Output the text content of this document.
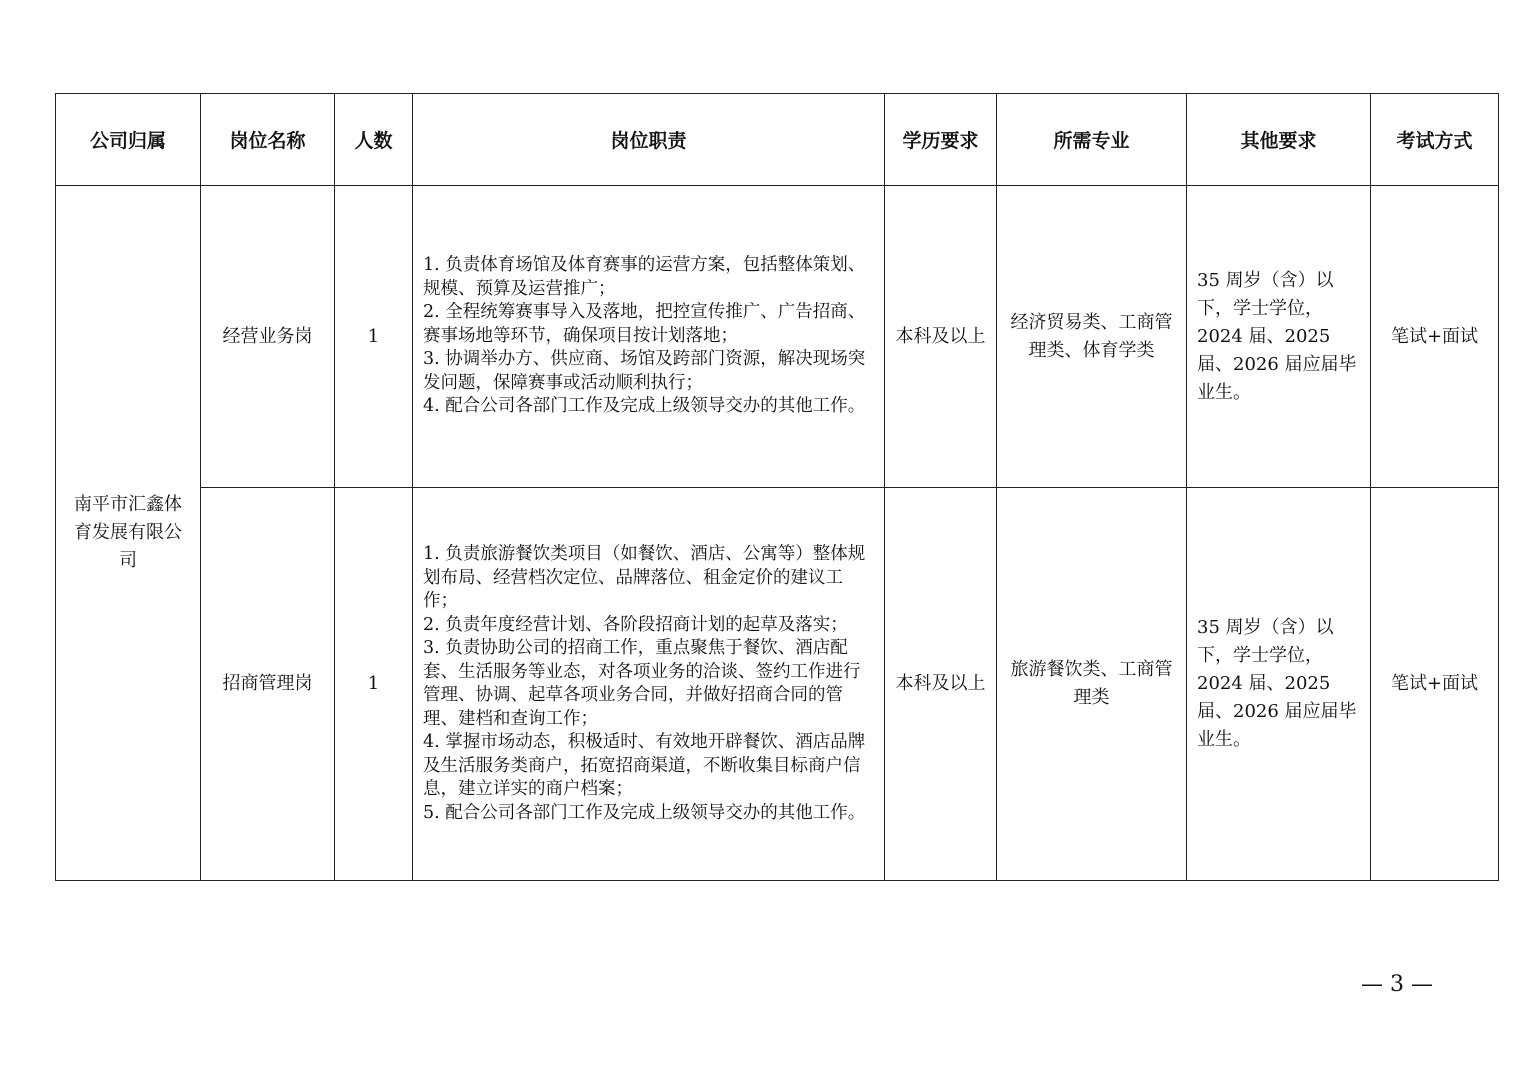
公司归属	岗位名称	人数	岗位职责	学历要求	所需专业	其他要求	考试方式
南平市汇鑫体育发展有限公司	经营业务岗	1	1. 负责体育场馆及体育赛事的运营方案，包括整体策划、规模、预算及运营推广；
2. 全程统筹赛事导入及落地，把控宣传推广、广告招商、赛事场地等环节，确保项目按计划落地；
3. 协调举办方、供应商、场馆及跨部门资源，解决现场突发问题，保障赛事或活动顺利执行；
4. 配合公司各部门工作及完成上级领导交办的其他工作。	本科及以上	经济贸易类、工商管理类、体育学类	35 周岁（含）以下，学士学位，2024 届、2025 届、2026 届应届毕业生。	笔试+面试
	招商管理岗	1	1. 负责旅游餐饮类项目（如餐饮、酒店、公寓等）整体规划布局、经营档次定位、品牌落位、租金定价的建议工作；
2. 负责年度经营计划、各阶段招商计划的起草及落实；
3. 负责协助公司的招商工作，重点聚焦于餐饮、酒店配套、生活服务等业态，对各项业务的洽谈、签约工作进行管理、协调、起草各项业务合同，并做好招商合同的管理、建档和查询工作；
4. 掌握市场动态，积极适时、有效地开辟餐饮、酒店品牌及生活服务类商户，拓宽招商渠道，不断收集目标商户信息，建立详实的商户档案；
5. 配合公司各部门工作及完成上级领导交办的其他工作。	本科及以上	旅游餐饮类、工商管理类	35 周岁（含）以下，学士学位，2024 届、2025 届、2026 届应届毕业生。	笔试+面试
— 3 —
